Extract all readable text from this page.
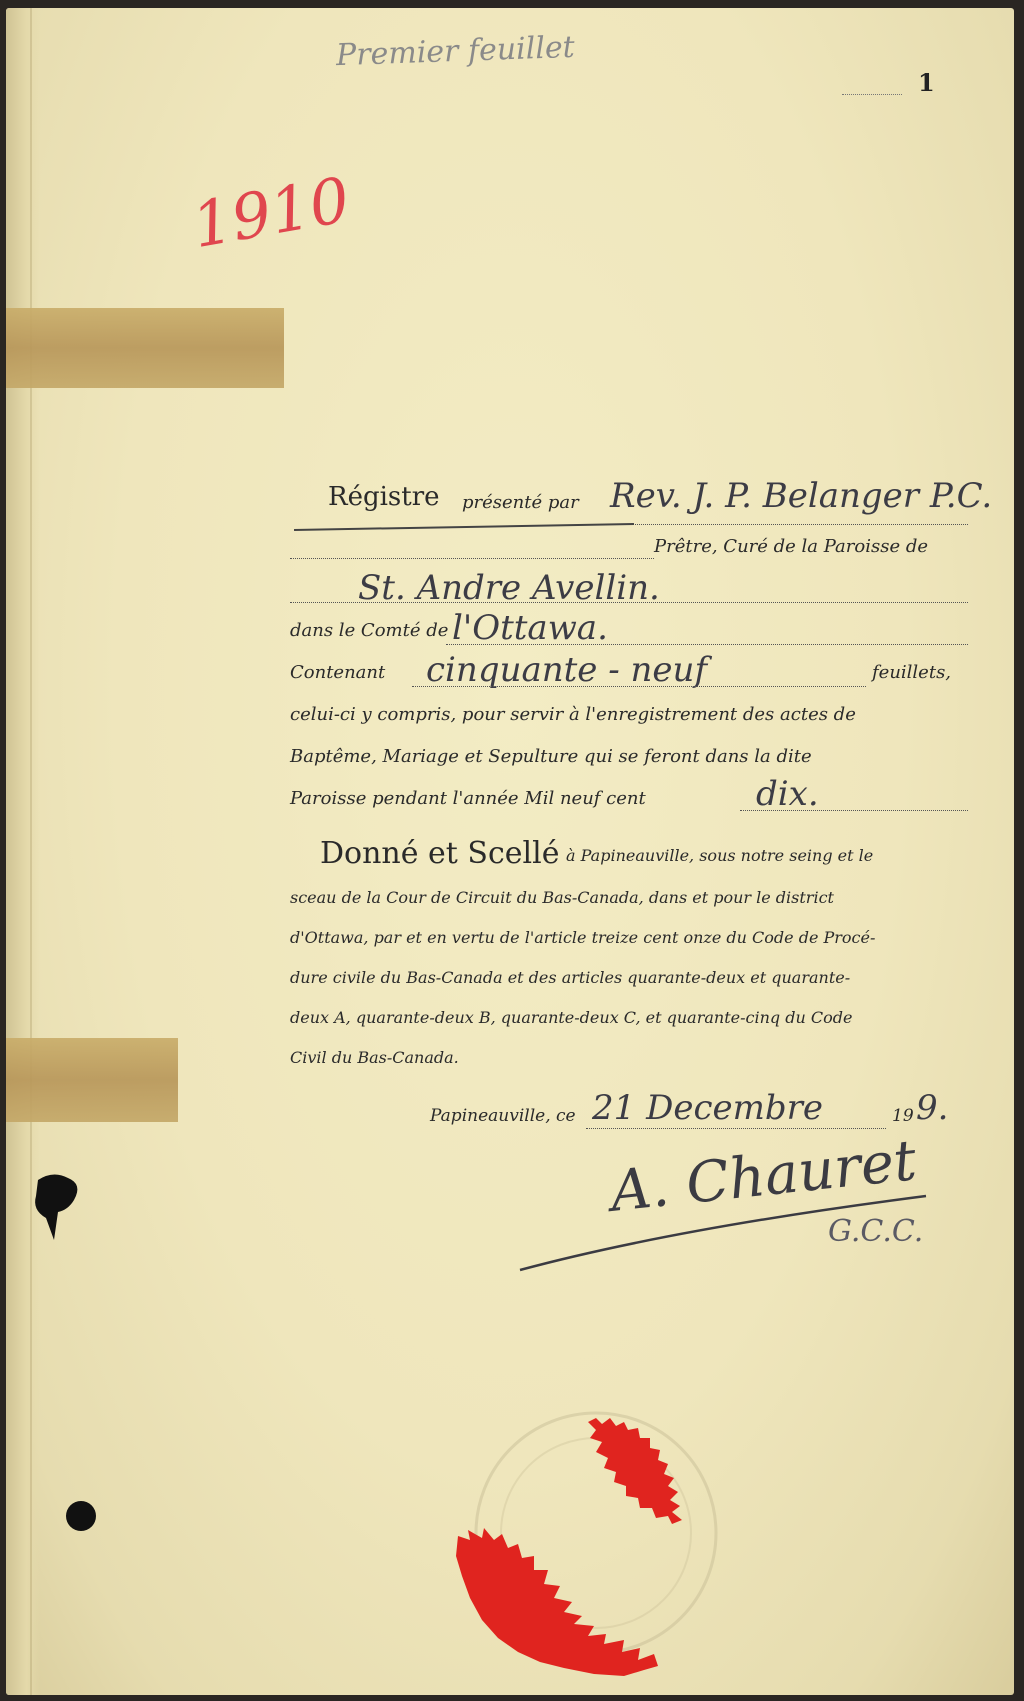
Premier feuillet
1
1910
Régistre présenté par Rev. J. P. Belanger P.C.
Prêtre, Curé de la Paroisse de
St. Andre Avellin.
dans le Comté de l'Ottawa.
Contenant cinquante - neuf	feuillets,
celui-ci y compris, pour servir à l'enregistrement des actes de
Baptême, Mariage et Sepulture qui se feront dans la dite
Paroisse pendant l'année Mil neuf cent	dix.
Donné et Scellé à Papineauville, sous notre seing et le
sceau de la Cour de Circuit du Bas-Canada, dans et pour le district
d'Ottawa, par et en vertu de l'article treize cent onze du Code de Procé-
dure civile du Bas-Canada et des articles quarante-deux et quarante-
deux A, quarante-deux B, quarante-deux C, et quarante-cinq du Code
Civil du Bas-Canada.
Papineauville, ce 21 Decembre	19 9.
A. Chauret
G.C.C.
